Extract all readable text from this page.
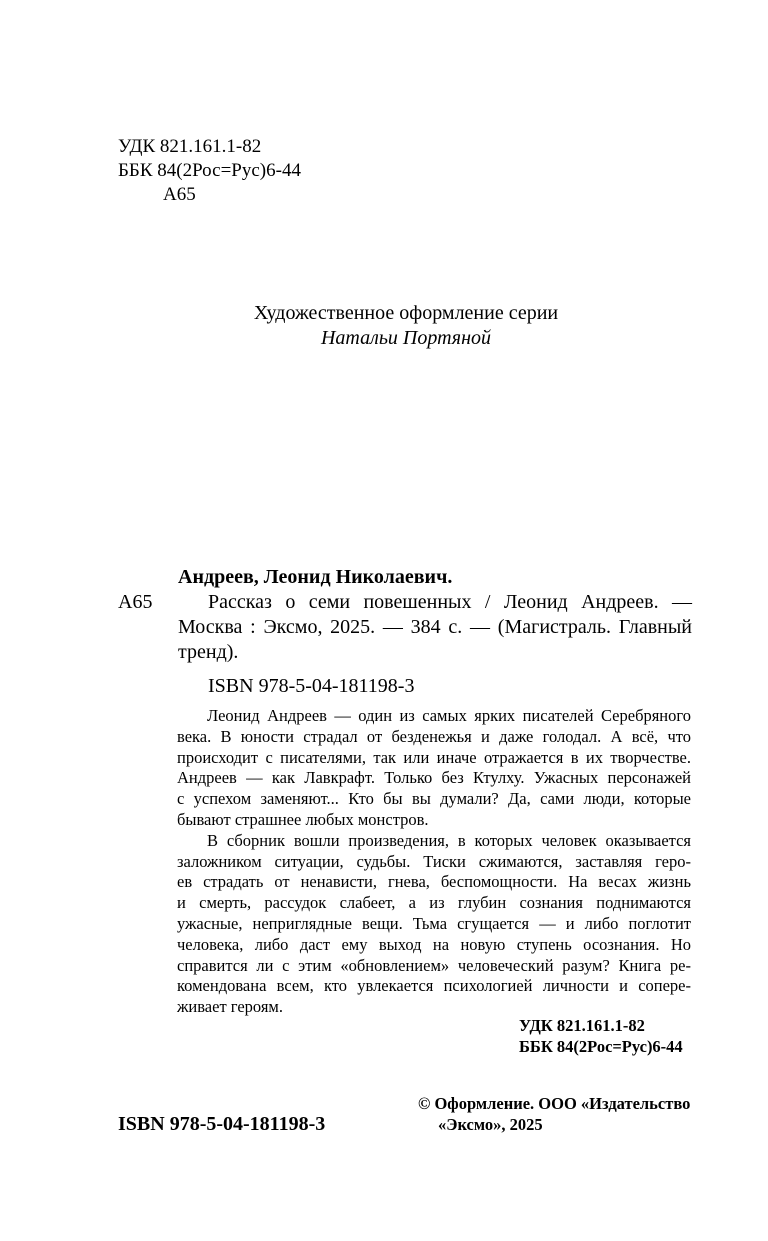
УДК 821.161.1-82
ББК 84(2Рос=Рус)6-44
А65
Художественное оформление серии
Натальи Портяной
Андреев, Леонид Николаевич.
А65	Рассказ о семи повешенных / Леонид Андреев. —
Москва : Эксмо, 2025. — 384 с. — (Магистраль. Главный
тренд).
ISBN 978-5-04-181198-3
Леонид Андреев — один из самых ярких писателей Серебряного
века. В юности страдал от безденежья и даже голодал. А всё, что
происходит с писателями, так или иначе отражается в их творчестве.
Андреев — как Лавкрафт. Только без Ктулху. Ужасных персонажей
с успехом заменяют... Кто бы вы думали? Да, сами люди, которые
бывают страшнее любых монстров.
В сборник вошли произведения, в которых человек оказывается
заложником ситуации, судьбы. Тиски сжимаются, заставляя геро-
ев страдать от ненависти, гнева, беспомощности. На весах жизнь
и смерть, рассудок слабеет, а из глубин сознания поднимаются
ужасные, неприглядные вещи. Тьма сгущается — и либо поглотит
человека, либо даст ему выход на новую ступень осознания. Но
справится ли с этим «обновлением» человеческий разум? Книга ре-
комендована всем, кто увлекается психологией личности и сопере-
живает героям.
УДК 821.161.1-82
ББК 84(2Рос=Рус)6-44
ISBN 978-5-04-181198-3
© Оформление. ООО «Издательство
«Эксмо», 2025
